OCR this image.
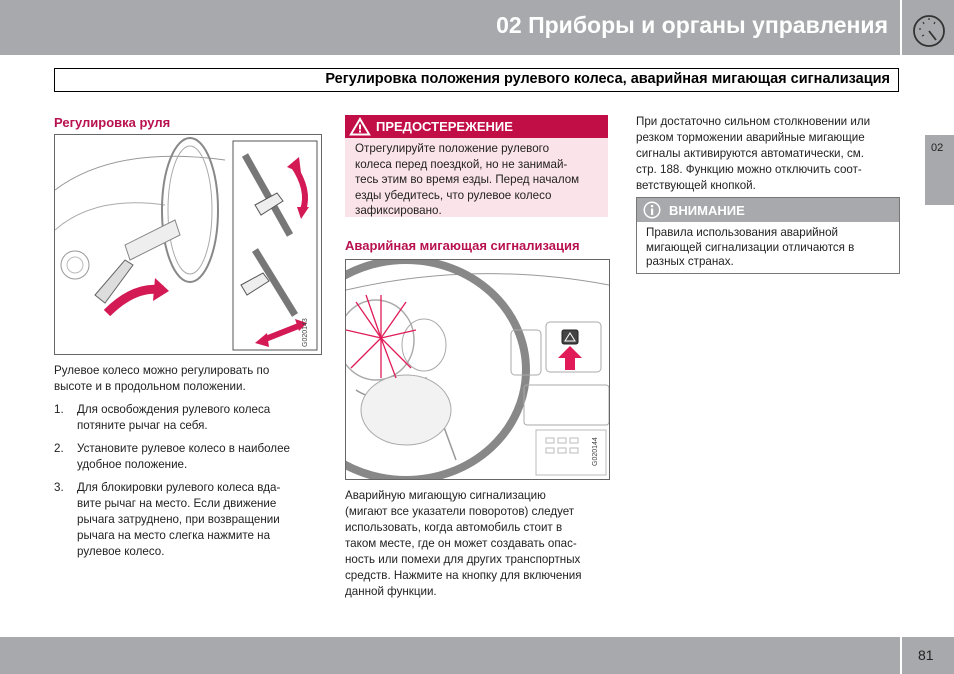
02 Приборы и органы управления
Регулировка положения рулевого колеса, аварийная мигающая сигнализация
02
Регулировка руля
G020143
Рулевое колесо можно регулировать по
высоте и в продольном положении.
1. Для освобождения рулевого колеса
потяните рычаг на себя.
2. Установите рулевое колесо в наиболее
удобное положение.
3. Для блокировки рулевого колеса вда-
вите рычаг на место. Если движение
рычага затруднено, при возвращении
рычага на место слегка нажмите на
рулевое колесо.
ПРЕДОСТЕРЕЖЕНИЕ
Отрегулируйте положение рулевого
колеса перед поездкой, но не занимай-
тесь этим во время езды. Перед началом
езды убедитесь, что рулевое колесо
зафиксировано.
Аварийная мигающая сигнализация
G020144
Аварийную мигающую сигнализацию
(мигают все указатели поворотов) следует
использовать, когда автомобиль стоит в
таком месте, где он может создавать опас-
ность или помехи для других транспортных
средств. Нажмите на кнопку для включения
данной функции.
При достаточно сильном столкновении или
резком торможении аварийные мигающие
сигналы активируются автоматически, см.
стр. 188. Функцию можно отключить соот-
ветствующей кнопкой.
ВНИМАНИЕ
Правила использования аварийной
мигающей сигнализации отличаются в
разных странах.
81
